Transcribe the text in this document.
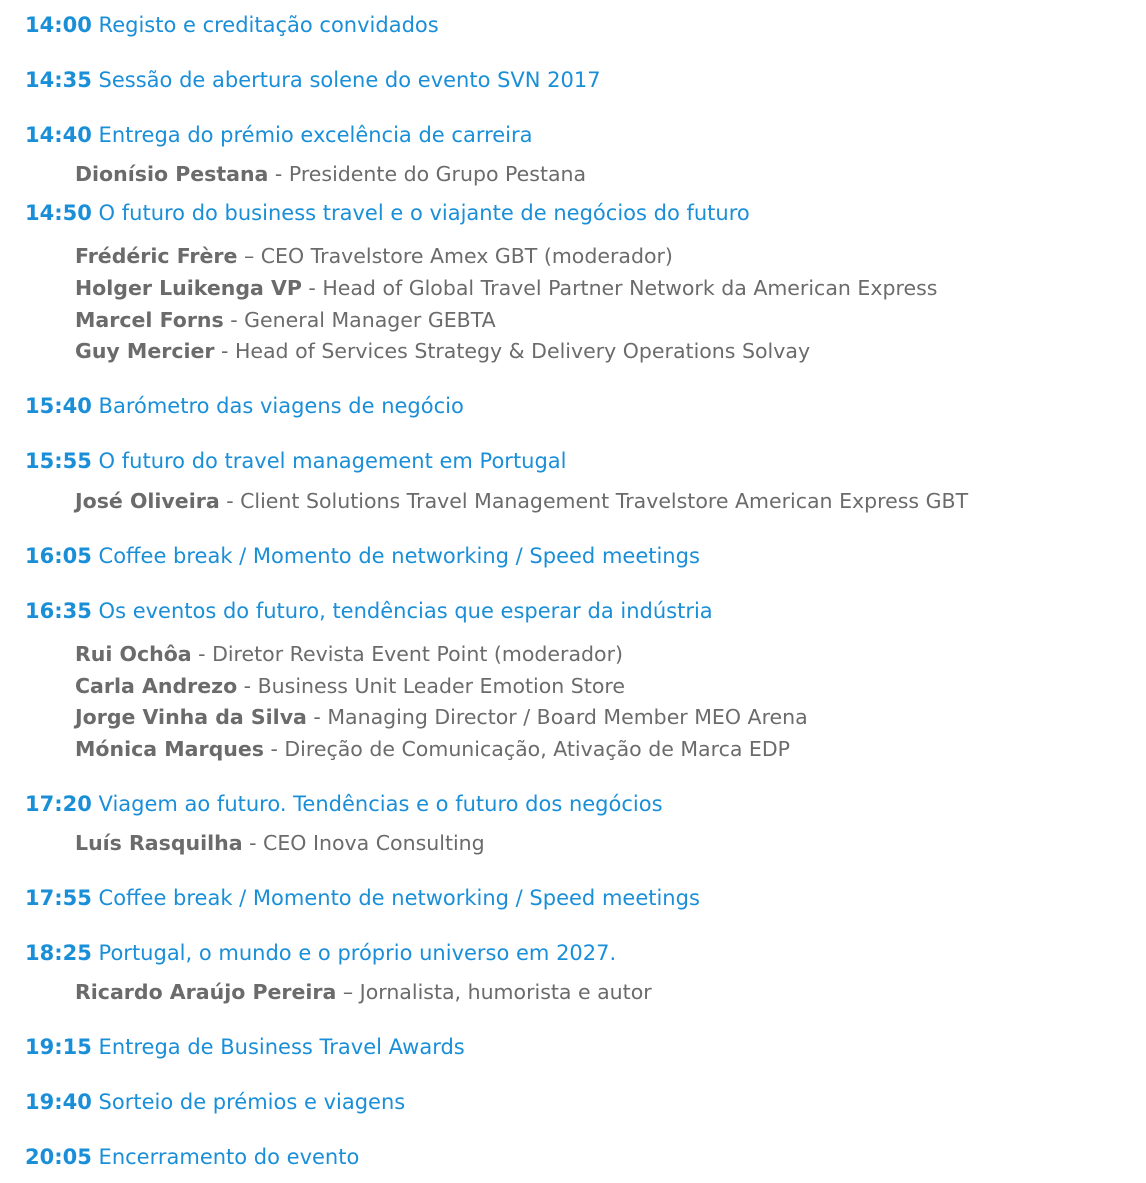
14:00 Registo e creditação convidados
14:35 Sessão de abertura solene do evento SVN 2017
14:40 Entrega do prémio excelência de carreira
Dionísio Pestana - Presidente do Grupo Pestana
14:50 O futuro do business travel e o viajante de negócios do futuro
Frédéric Frère – CEO Travelstore Amex GBT (moderador)
Holger Luikenga VP - Head of Global Travel Partner Network da American Express
Marcel Forns - General Manager GEBTA
Guy Mercier - Head of Services Strategy & Delivery Operations Solvay
15:40 Barómetro das viagens de negócio
15:55 O futuro do travel management em Portugal
José Oliveira - Client Solutions Travel Management Travelstore American Express GBT
16:05 Coffee break / Momento de networking / Speed meetings
16:35 Os eventos do futuro, tendências que esperar da indústria
Rui Ochôa - Diretor Revista Event Point (moderador)
Carla Andrezo - Business Unit Leader Emotion Store
Jorge Vinha da Silva - Managing Director / Board Member MEO Arena
Mónica Marques - Direção de Comunicação, Ativação de Marca EDP
17:20 Viagem ao futuro. Tendências e o futuro dos negócios
Luís Rasquilha - CEO Inova Consulting
17:55 Coffee break / Momento de networking / Speed meetings
18:25 Portugal, o mundo e o próprio universo em 2027.
Ricardo Araújo Pereira – Jornalista, humorista e autor
19:15 Entrega de Business Travel Awards
19:40 Sorteio de prémios e viagens
20:05 Encerramento do evento
